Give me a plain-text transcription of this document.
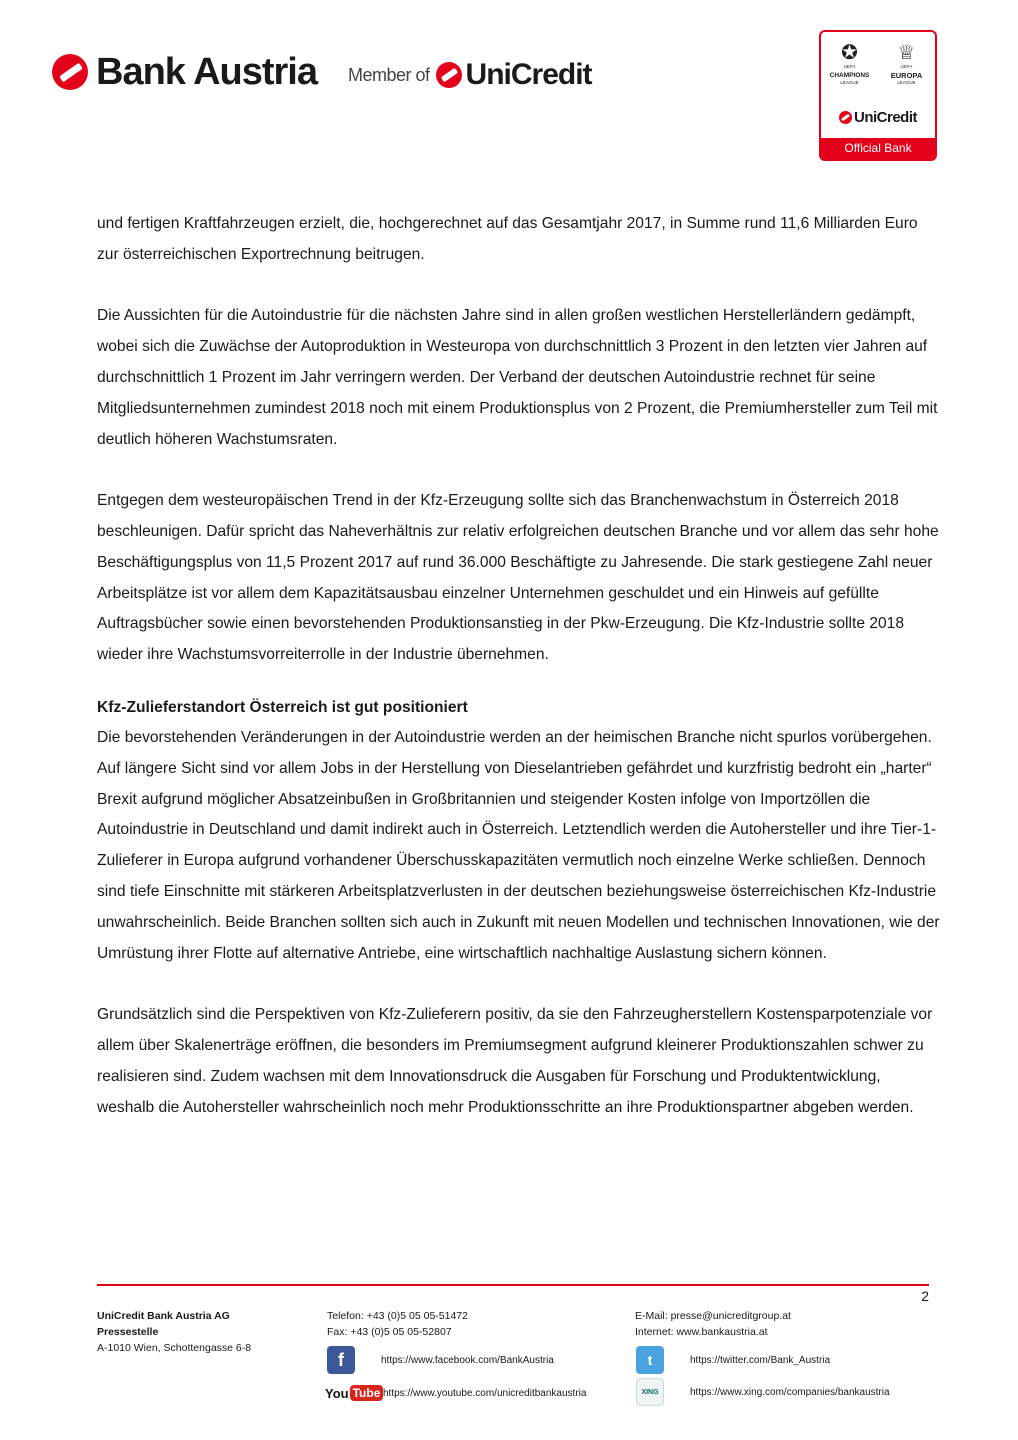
Bank Austria Member of UniCredit
✪
UEFA
CHAMPIONS
LEAGUE
♕
UEFA
EUROPA
LEAGUE
UniCredit
Official Bank

und fertigen Kraftfahrzeugen erzielt, die, hochgerechnet auf das Gesamtjahr 2017, in Summe rund 11,6 Milliarden Euro zur österreichischen Exportrechnung beitrugen.

Die Aussichten für die Autoindustrie für die nächsten Jahre sind in allen großen westlichen Herstellerländern gedämpft, wobei sich die Zuwächse der Autoproduktion in Westeuropa von durchschnittlich 3 Prozent in den letzten vier Jahren auf durchschnittlich 1 Prozent im Jahr verringern werden. Der Verband der deutschen Autoindustrie rechnet für seine Mitgliedsunternehmen zumindest 2018 noch mit einem Produktionsplus von 2 Prozent, die Premiumhersteller zum Teil mit deutlich höheren Wachstumsraten.

Entgegen dem westeuropäischen Trend in der Kfz-Erzeugung sollte sich das Branchenwachstum in Österreich 2018 beschleunigen. Dafür spricht das Naheverhältnis zur relativ erfolgreichen deutschen Branche und vor allem das sehr hohe Beschäftigungsplus von 11,5 Prozent 2017 auf rund 36.000 Beschäftigte zu Jahresende. Die stark gestiegene Zahl neuer Arbeitsplätze ist vor allem dem Kapazitätsausbau einzelner Unternehmen geschuldet und ein Hinweis auf gefüllte Auftragsbücher sowie einen bevorstehenden Produktionsanstieg in der Pkw-Erzeugung. Die Kfz-Industrie sollte 2018 wieder ihre Wachstumsvorreiterrolle in der Industrie übernehmen.

Kfz-Zulieferstandort Österreich ist gut positioniert

Die bevorstehenden Veränderungen in der Autoindustrie werden an der heimischen Branche nicht spurlos vorübergehen. Auf längere Sicht sind vor allem Jobs in der Herstellung von Dieselantrieben gefährdet und kurzfristig bedroht ein „harter“ Brexit aufgrund möglicher Absatzeinbußen in Großbritannien und steigender Kosten infolge von Importzöllen die Autoindustrie in Deutschland und damit indirekt auch in Österreich. Letztendlich werden die Autohersteller und ihre Tier-1-Zulieferer in Europa aufgrund vorhandener Überschusskapazitäten vermutlich noch einzelne Werke schließen. Dennoch sind tiefe Einschnitte mit stärkeren Arbeitsplatzverlusten in der deutschen beziehungsweise österreichischen Kfz-Industrie unwahrscheinlich. Beide Branchen sollten sich auch in Zukunft mit neuen Modellen und technischen Innovationen, wie der Umrüstung ihrer Flotte auf alternative Antriebe, eine wirtschaftlich nachhaltige Auslastung sichern können.

Grundsätzlich sind die Perspektiven von Kfz-Zulieferern positiv, da sie den Fahrzeugherstellern Kostensparpotenziale vor allem über Skalenerträge eröffnen, die besonders im Premiumsegment aufgrund kleinerer Produktionszahlen schwer zu realisieren sind. Zudem wachsen mit dem Innovationsdruck die Ausgaben für Forschung und Produktentwicklung, weshalb die Autohersteller wahrscheinlich noch mehr Produktionsschritte an ihre Produktionspartner abgeben werden.

2
UniCredit Bank Austria AG
Pressestelle
A-1010 Wien, Schottengasse 6-8
Telefon: +43 (0)5 05 05-51472
Fax: +43 (0)5 05 05-52807
E-Mail: presse@unicreditgroup.at
Internet: www.bankaustria.at
f	https://www.facebook.com/BankAustria
You Tube https://www.youtube.com/unicreditbankaustria
t	https://twitter.com/Bank_Austria
XING	https://www.xing.com/companies/bankaustria
